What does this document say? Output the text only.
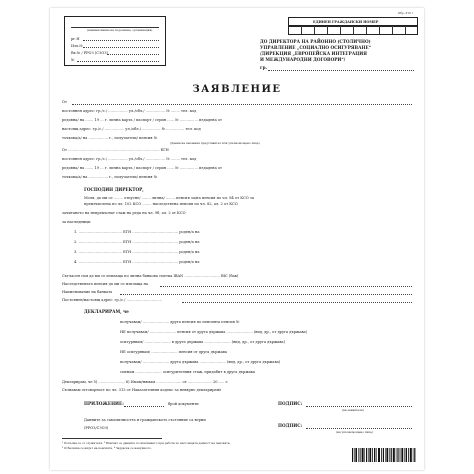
Обр. 372 г
ЕДИНЕН ГРАЖДАНСКИ НОМЕР
(наименование на поделение, организация)
рг.Н
Изх.№
Вх.№ / РРОЗ (СЗОЗ)
№
ДО ДИРЕКТОРА НА РАЙОННО (СТОЛИЧНО)
УПРАВЛЕНИЕ „СОЦИАЛНО ОСИГУРЯВАНЕ“
/ДИРЕКЦИЯ „ЕВРОПЕЙСКА ИНТЕГРАЦИЯ
И МЕЖДУНАРОДНИ ДОГОВОРИ“/
гр.
ЗАЯВЛЕНИЕ
От
постоянен адрес: гр./с./ ................. ул./обл./ ................. № ........ тел. код
редовна/ на ....... 19 ... г. лична карта / паспорт / серия ...... № ................ издадена от
настоящ адрес: гр./с./ ................. ул./обл./ ................ № ................ тел. код
точкова/а/ на ................. г., получатели/ пенсия №
(Данни на законния представител или упълномощено лице)
От ................................................................................ ЕГН
постоянен адрес: гр./с./ ................. ул./обл./ ................. № ........ тел. код
редовна/ на ....... 19 ... г. лична карта / паспорт / серия ...... № ................ издадена от
точкова/а/ на ................. г., получатели/ пенсия №
ГОСПОДИН ДИРЕКТОР,
Моля, да ми се ........ отпусне/ ........ лична/ ........ пенсия за/на пенсия по чл. 84 от КСО за
преизчислена по чл. 102 КСО ........ наследствена пенсия по чл. 82, ал. 2 от КСО
зачитането на непрекъснат стаж на реда на чл. 9б, ал. 2 от КСО
за наследници:
1. ...................................... ЕГН ........................................ роден/а на
2. ...................................... ЕГН ........................................ роден/а на
3. ...................................... ЕГН ........................................ роден/а на
4. ...................................... ЕГН ........................................ роден/а на
Съгласен съм да ми се изплаща по лична банкова сметка IBAN ............................... BIC (бак)
Наследствената пенсия да ми се изплаща на
Наименование на банката
Постоянен/настоящ адрес: гр./с./ ...............................
ДЕКЛАРИРАМ, че
получавам/ ....................... друга пенсия по пенсията пенсия №
НЕ получавам/ ....................... пенсия от друга държава ....................... (вид, др., от друга държава)
осигурявам/ ....................... в друга държава ....................... (вид, др., от друга държава)
НЕ осигурявам/ ....................... пенсия от друга държава
получавам/ ....................... друга държава ....................... (вид, др., от друга държава)
сменам ....................... осигурителния стаж, придобит в друга държава
Декларирам, че 5) ......................, 6) Имам/нямам ...................... от ..................... 20 ..... г.
Съзнавам отговорност по чл. 313 от Наказателния кодекс за невярно деклариране
ПРИЛОЖЕНИЕ:	брой документи	ПОДПИС:
(на заявителя)
Данните за самоличността и гражданското състояние са верни
(РРОЗ/СЗОЗ)	ПОДПИС:
(на упълномощено лице)
¹ Попълва се от служителя. ² Вписват се данните по вписването при работа по настоящата дейност на пенсията.
³ Отбелязва се видът на пенсията. ⁴ Задраска се ненужното.
